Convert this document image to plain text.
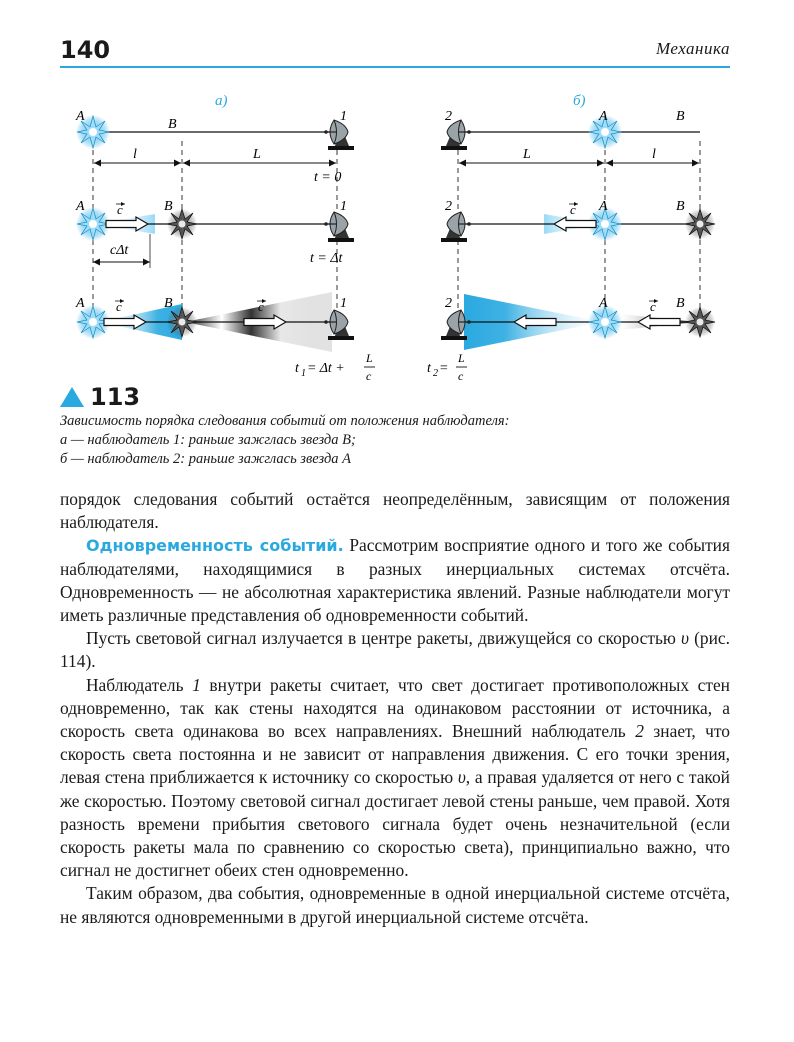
140	Механика
а)
A
B
1
l	L
t = 0
A	B	1
c
cΔt
t = Δt
A	B	1
c	c
t 1 = Δt +
L
c
б)
2	A	B
L	l
2	A	B
c
2	A	B
c
t 2 =
L
c
113
Зависимость порядка следования событий от положения наблюдателя:
а — наблюдатель 1: раньше зажглась звезда B;
б — наблюдатель 2: раньше зажглась звезда A

порядок следования событий остаётся неопределённым, зависящим от положения наблюдателя.

Одновременность событий. Рассмотрим восприятие одного и того же события наблюдателями, находящимися в разных инерциальных системах отсчёта. Одновременность — не абсолютная характеристика явлений. Разные наблюдатели могут иметь различные представления об одновременности событий.

Пусть световой сигнал излучается в центре ракеты, движущейся со скоростью υ (рис. 114).

Наблюдатель 1 внутри ракеты считает, что свет достигает противоположных стен одновременно, так как стены находятся на одинаковом расстоянии от источника, а скорость света одинакова во всех направлениях. Внешний наблюдатель 2 знает, что скорость света постоянна и не зависит от направления движения. С его точки зрения, левая стена приближается к источнику со скоростью υ, а правая удаляется от него с такой же скоростью. Поэтому световой сигнал достигает левой стены раньше, чем правой. Хотя разность времени прибытия светового сигнала будет очень незначительной (если скорость ракеты мала по сравнению со скоростью света), принципиально важно, что сигнал не достигнет обеих стен одновременно.

Таким образом, два события, одновременные в одной инерциальной системе отсчёта, не являются одновременными в другой инерциальной системе отсчёта.
